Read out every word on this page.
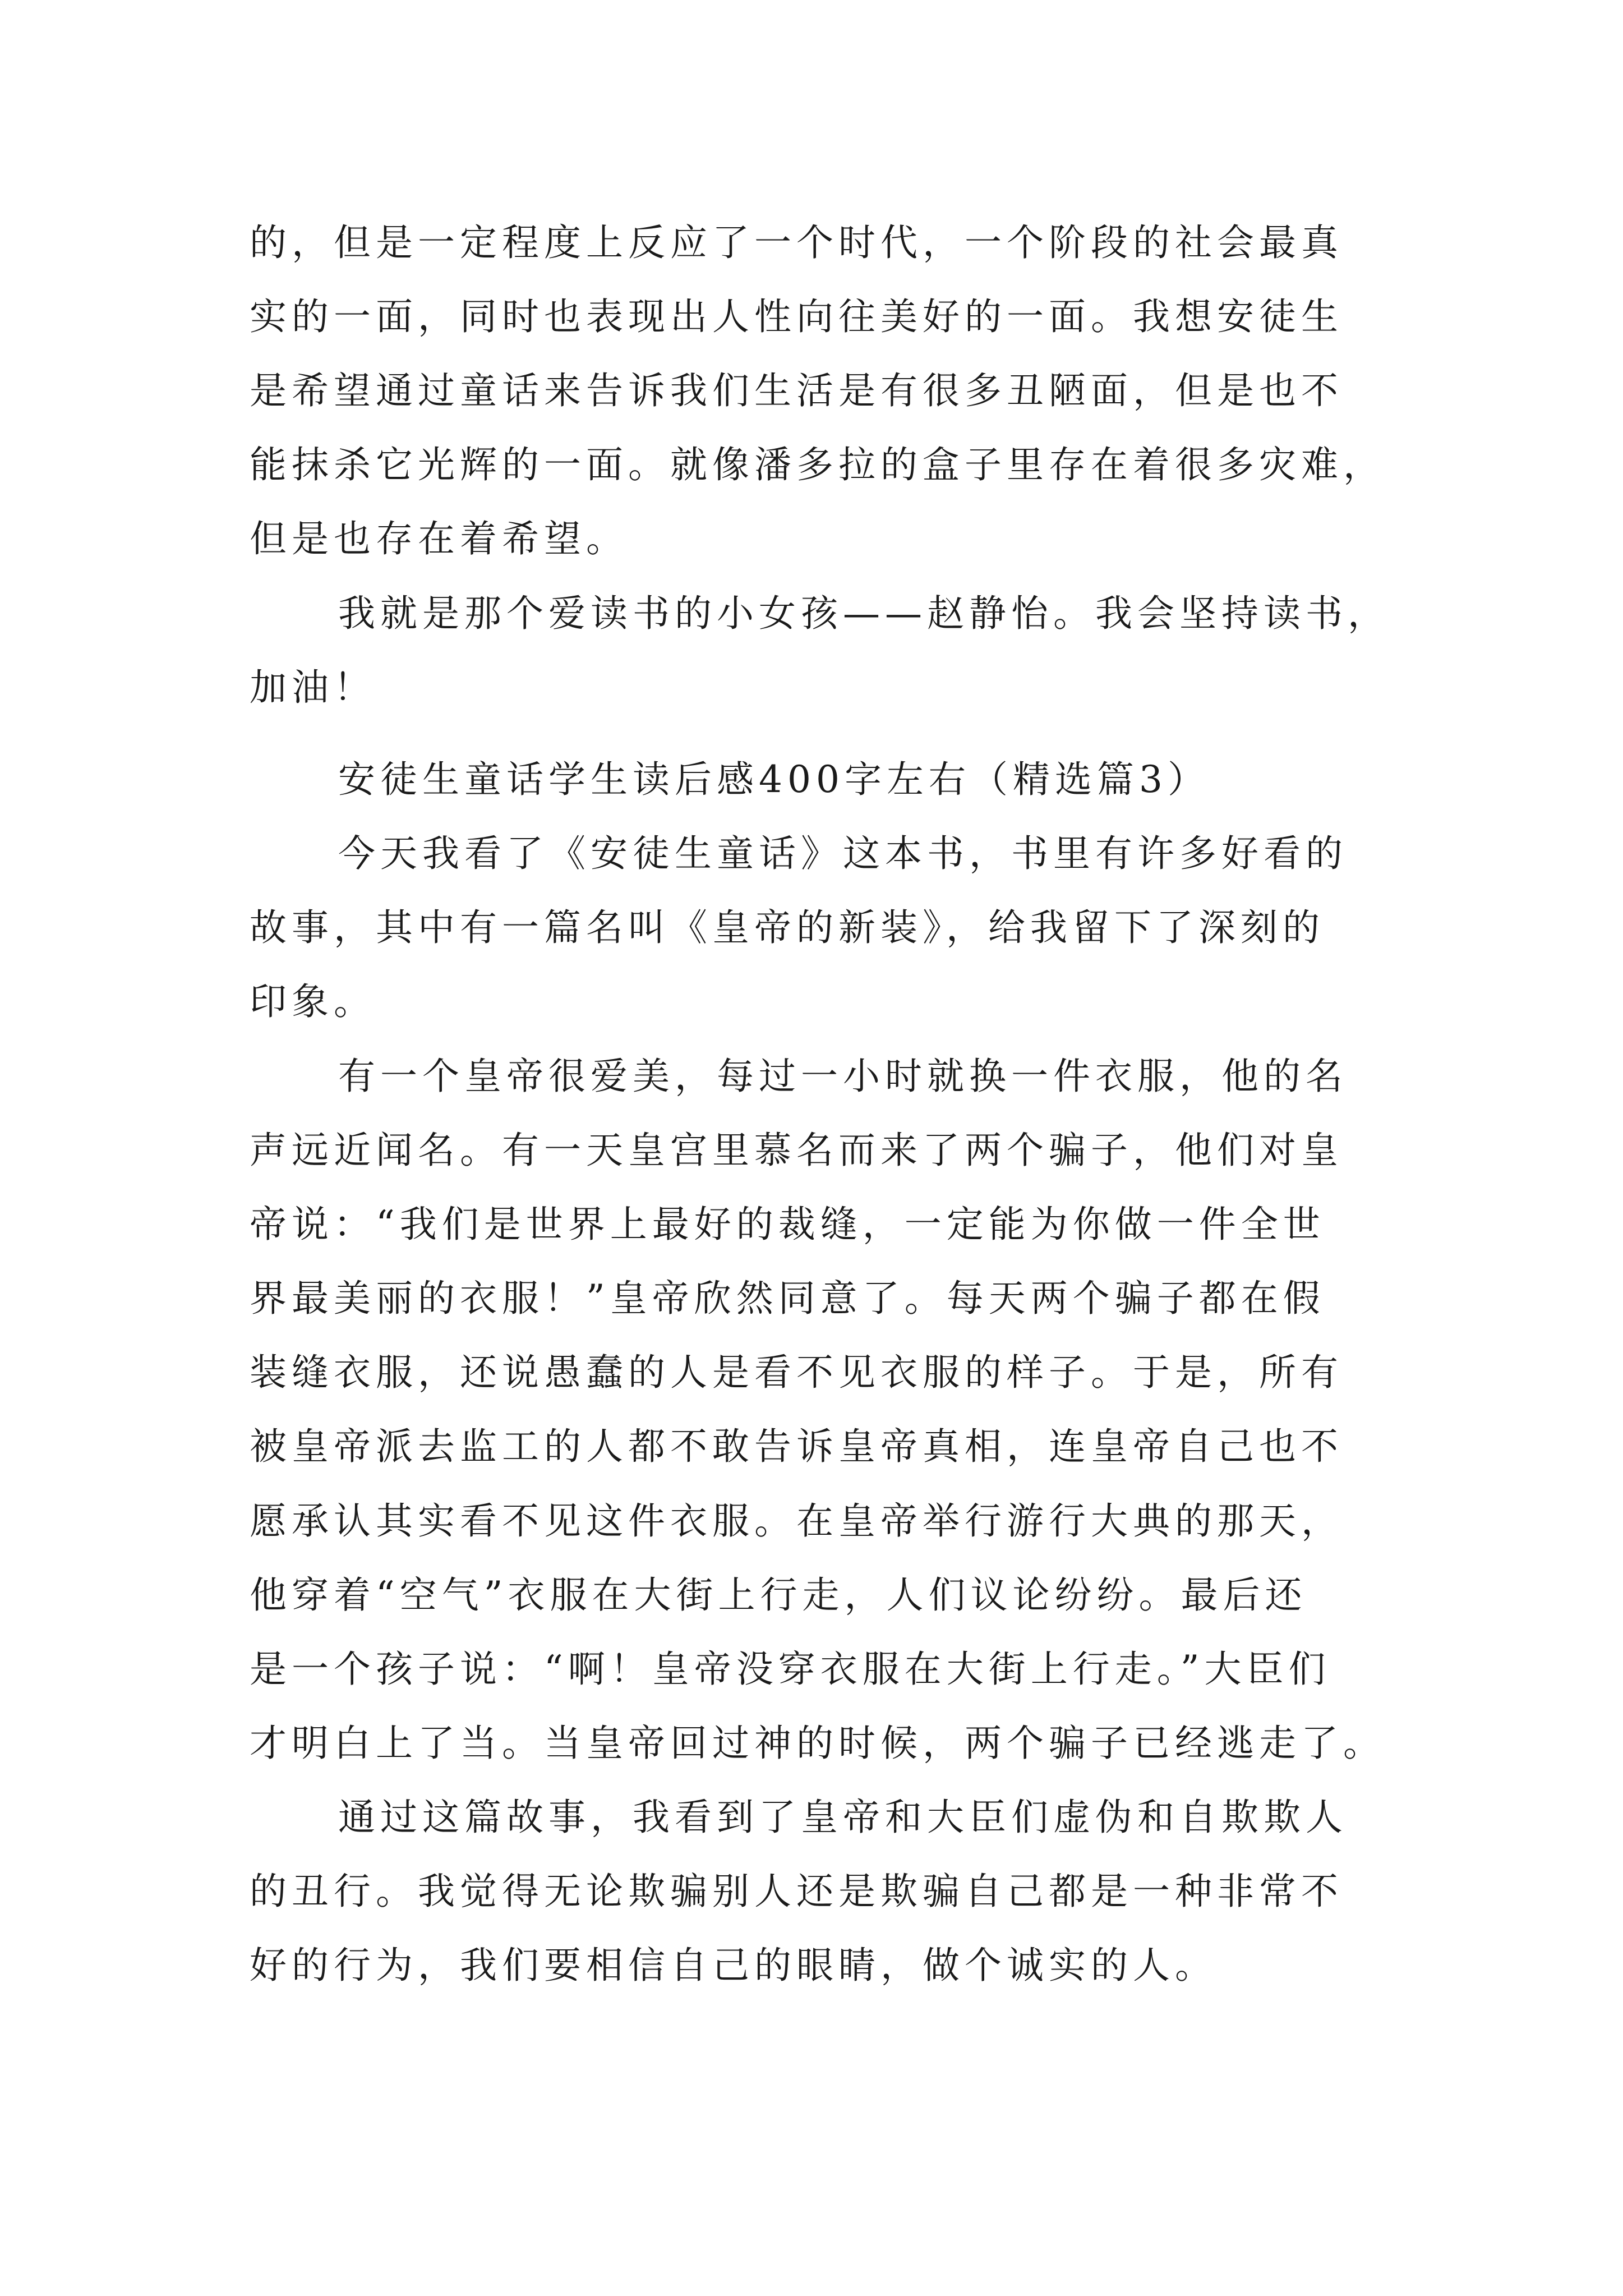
的，但是一定程度上反应了一个时代，一个阶段的社会最真
实的一面，同时也表现出人性向往美好的一面。我想安徒生
是希望通过童话来告诉我们生活是有很多丑陋面，但是也不
能抹杀它光辉的一面。就像潘多拉的盒子里存在着很多灾难，
但是也存在着希望。
我就是那个爱读书的小女孩——赵静怡。我会坚持读书，
加油！
安徒生童话学生读后感400字左右（精选篇3）
今天我看了《安徒生童话》这本书，书里有许多好看的
故事，其中有一篇名叫《皇帝的新装》，给我留下了深刻的
印象。
有一个皇帝很爱美，每过一小时就换一件衣服，他的名
声远近闻名。有一天皇宫里慕名而来了两个骗子，他们对皇
帝说：“我们是世界上最好的裁缝，一定能为你做一件全世
界最美丽的衣服！”皇帝欣然同意了。每天两个骗子都在假
装缝衣服，还说愚蠢的人是看不见衣服的样子。于是，所有
被皇帝派去监工的人都不敢告诉皇帝真相，连皇帝自己也不
愿承认其实看不见这件衣服。在皇帝举行游行大典的那天，
他穿着“空气”衣服在大街上行走，人们议论纷纷。最后还
是一个孩子说：“啊！皇帝没穿衣服在大街上行走。”大臣们
才明白上了当。当皇帝回过神的时候，两个骗子已经逃走了。
通过这篇故事，我看到了皇帝和大臣们虚伪和自欺欺人
的丑行。我觉得无论欺骗别人还是欺骗自己都是一种非常不
好的行为，我们要相信自己的眼睛，做个诚实的人。
